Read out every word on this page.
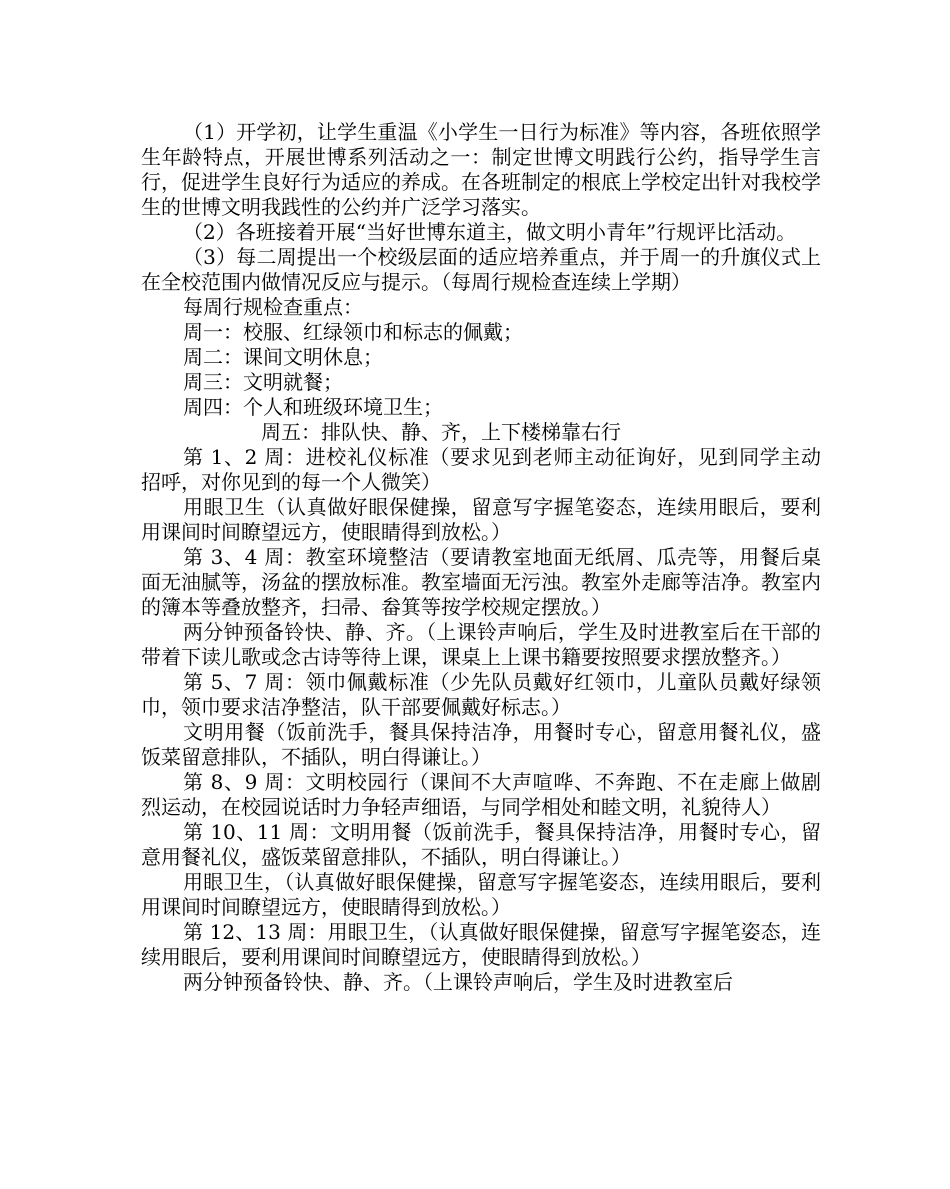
（1）开学初，让学生重温《小学生一日行为标准》等内容，各班依照学生年龄特点，开展世博系列活动之一：制定世博文明践行公约，指导学生言行，促进学生良好行为适应的养成。在各班制定的根底上学校定出针对我校学生的世博文明我践性的公约并广泛学习落实。

（2）各班接着开展“当好世博东道主，做文明小青年”行规评比活动。

（3）每二周提出一个校级层面的适应培养重点，并于周一的升旗仪式上在全校范围内做情况反应与提示。（每周行规检查连续上学期）

每周行规检查重点：

周一：校服、红绿领巾和标志的佩戴；

周二：课间文明休息；

周三：文明就餐；

周四：个人和班级环境卫生；

周五：排队快、静、齐，上下楼梯靠右行

第 1、2 周：进校礼仪标准（要求见到老师主动征询好，见到同学主动招呼，对你见到的每一个人微笑）

用眼卫生（认真做好眼保健操，留意写字握笔姿态，连续用眼后，要利用课间时间瞭望远方，使眼睛得到放松。）

第 3、4 周：教室环境整洁（要请教室地面无纸屑、瓜壳等，用餐后桌面无油腻等，汤盆的摆放标准。教室墙面无污浊。教室外走廊等洁净。教室内的簿本等叠放整齐，扫帚、畚箕等按学校规定摆放。）

两分钟预备铃快、静、齐。（上课铃声响后，学生及时进教室后在干部的带着下读儿歌或念古诗等待上课，课桌上上课书籍要按照要求摆放整齐。）

第 5、7 周：领巾佩戴标准（少先队员戴好红领巾，儿童队员戴好绿领巾，领巾要求洁净整洁，队干部要佩戴好标志。）

文明用餐（饭前洗手，餐具保持洁净，用餐时专心，留意用餐礼仪，盛饭菜留意排队，不插队，明白得谦让。）

第 8、9 周：文明校园行（课间不大声喧哗、不奔跑、不在走廊上做剧烈运动，在校园说话时力争轻声细语，与同学相处和睦文明，礼貌待人）

第 10、11 周：文明用餐（饭前洗手，餐具保持洁净，用餐时专心，留意用餐礼仪，盛饭菜留意排队，不插队，明白得谦让。）

用眼卫生，（认真做好眼保健操，留意写字握笔姿态，连续用眼后，要利用课间时间瞭望远方，使眼睛得到放松。）

第 12、13 周：用眼卫生，（认真做好眼保健操，留意写字握笔姿态，连续用眼后，要利用课间时间瞭望远方，使眼睛得到放松。）

两分钟预备铃快、静、齐。（上课铃声响后，学生及时进教室后
